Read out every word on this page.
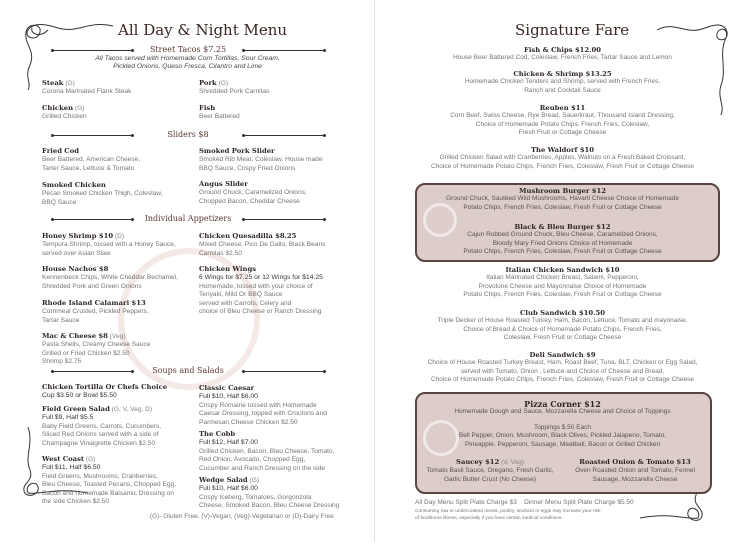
All Day & Night Menu
Street Tacos $7.25
All Tacos served with Homemade Corn Tortillas, Sour Cream,
Pickled Onions, Queso Fresca, Cilantro and Lime
Steak (G)
Corona Marinated Flank Steak
Pork (G)
Shredded Pork Carnitas
Chicken (G)
Grilled Chicken
Fish
Beer Battered
Sliders $8
Fried Cod
Beer Battered, American Cheese,
Tarter Sauce, Lettuce & Tomato
Smoked Pork Slider
Smoked Rib Meat, Coleslaw, House made
BBQ Sauce, Crispy Fried Onions
Smoked Chicken
Pecan Smoked Chicken Thigh, Coleslaw,
BBQ Sauce
Angus Slider
Ground Chuck, Caramelized Onions,
Chopped Bacon, Cheddar Cheese
Individual Appetizers
Honey Shrimp $10 (D)
Tempura Shrimp, tossed with a Honey Sauce,
served over Asian Slaw
House Nachos $8
Kennenbeck Chips, White Cheddar Bechamel,
Shredded Pork and Green Onions
Rhode Island Calamari $13
Cornmeal Crusted, Pickled Peppers,
Tartar Sauce
Mac & Cheese $8 (Veg)
Pasta Shells, Creamy Cheese Sauce
Grilled or Fried Chicken $2.50
Shrimp $2.75
Chicken Quesadilla $8.25
Mixed Cheese, Pico De Gallo, Black Beans
Carnitas $2.50
Chicken Wings
6 Wings for $7.25 or 12 Wings for $14.25
Homemade, tossed with your choice of
Teriyaki, Mild Or BBQ Sauce
served with Carrots, Celery and
choice of Bleu Cheese or Ranch Dressing
Soups and Salads
Chicken Tortilla Or Chefs Choice
Cup $3.50 or Bowl $5.50
Field Green Salad (G, V, Veg, D)
Full $9, Half $5.5
Baby Field Greens, Carrots, Cucumbers,
Sliced Red Onions served with a side of
Champagne Vinaigrette Chicken $2.50
West Coast (G)
Full $11, Half $6.50
Field Greens, Mushrooms, Cranberries,
Bleu Cheese, Toasted Pecans, Chopped Egg,
Bacon and homemade Balsamic Dressing on
the side Chicken $2.50
Classic Caesar
Full $10, Half $6.00
Crispy Romaine tossed with Homemade
Caesar Dressing, topped with Croutons and
Parmesan Cheese Chicken $2.50
The Cobb
Full $12, Half $7.00
Grilled Chicken, Bacon, Bleu Cheese, Tomato,
Red Onion, Avocado, Chopped Egg,
Cucumber and Ranch Dressing on the side
Wedge Salad (G)
Full $10, Half $6.00
Crispy Iceberg, Tomatoes, Gorgonzola
Cheese, Smoked Bacon, Bleu Cheese Dressing
(G)- Gluten Free, (V)-Vegan, (Veg)-Vegetarian or (D)-Dairy Free
Signature Fare
Fish & Chips $12.00
House Beer Battered Cod, Coleslaw, French Fries, Tartar Sauce and Lemon
Chicken & Shrimp $13.25
Homemade Chicken Tenders and Shrimp, served with French Fries,
Ranch and Cocktail Sauce
Reuben $11
Corn Beef, Swiss Cheese, Rye Bread, Sauerkraut, Thousand Island Dressing,
Choice of Homemade Potato Chips, French Fries, Coleslaw,
Fresh Fruit or Cottage Cheese
The Waldorf $10
Grilled Chicken Salad with Cranberries, Apples, Walnuts on a Fresh Baked Croissant,
Choice of Homemade Potato Chips, French Fries, Coleslaw, Fresh Fruit or Cottage Cheese
Mushroom Burger $12
Ground Chuck, Sautéed Wild Mushrooms, Havarti Cheese Choice of Homemade
Potato Chips, French Fries, Coleslaw, Fresh Fruit or Cottage Cheese
Black & Bleu Burger $12
Cajun Rubbed Ground Chuck, Bleu Cheese, Caramelized Onions,
Bloody Mary Fried Onions Choice of Homemade
Potato Chips, French Fries, Coleslaw, Fresh Fruit or Cottage Cheese
Italian Chicken Sandwich $10
Italian Marinated Chicken Breast, Salami, Pepperoni,
Provolone Cheese and Mayonnaise Choice of Homemade
Potato Chips, French Fries, Coleslaw, Fresh Fruit or Cottage Cheese
Club Sandwich $10.50
Triple Decker of House Roasted Turkey, Ham, Bacon, Lettuce, Tomato and mayonaise,
Choice of Bread & Choice of Homemade Potato Chips, French Fries,
Coleslaw, Fresh Fruit or Cottage Cheese
Deli Sandwich $9
Choice of House Roasted Turkey Breast, Ham, Roast Beef, Tuna, BLT, Chicken or Egg Salad,
served with Tomato, Onion , Lettuce and Choice of Cheese and Bread,
Choice of Homemade Potato Chips, French Fries, Coleslaw, Fresh Fruit or Cottage Cheese
Pizza Corner $12
Homemade Dough and Sauce, Mozzarella Cheese and Choice of Toppings
Toppings $.50 Each
Bell Pepper, Onion, Mushroom, Black Olives, Pickled Jalapeno, Tomato,
Pineapple, Pepperoni, Sausage, Meatball, Bacon or Grilled Chicken
Saucey $12 (V, Veg)
Tomato Basil Sauce, Oregano, Fresh Garlic,
Garlic Butter Crust (No Cheese)
Roasted Onion & Tomato $13
Oven Roasted Onion and Tomato, Fennel
Sausage, Mozzarella Cheese
All Day Menu Split Plate Charge $3    Dinner Menu Split Plate Charge $5.50
Consuming raw or undercooked meats, poultry, seafood or eggs may increase your risk
of foodborne illness, especially if you have certain medical conditions.
